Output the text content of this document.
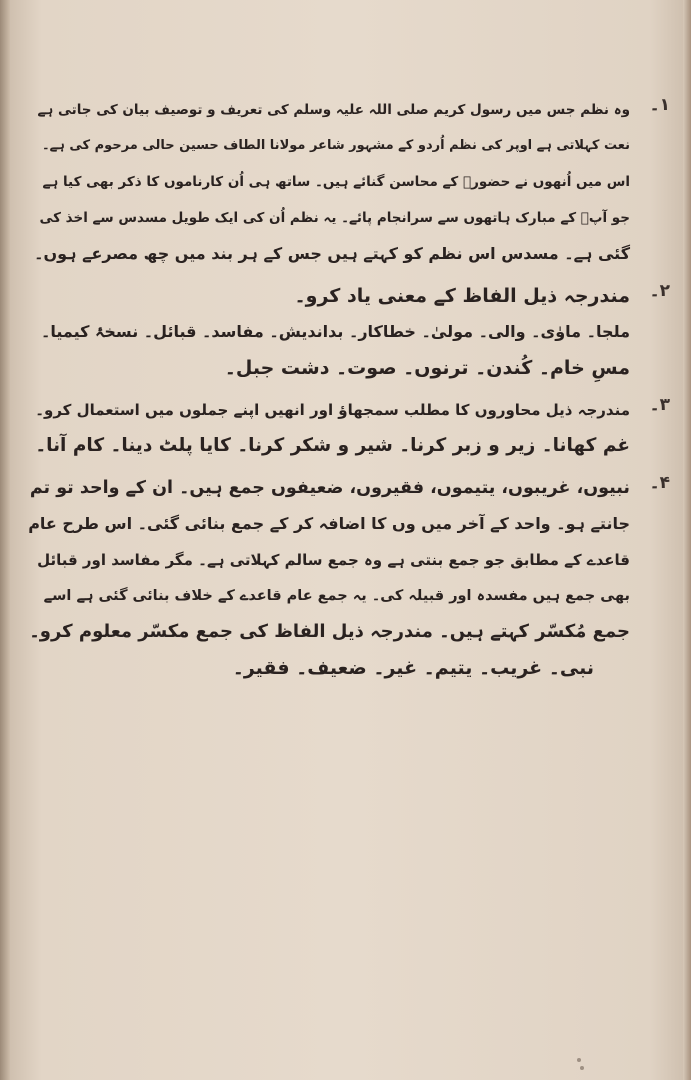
۱۔
وہ نظم جس میں رسول کریم صلی اللہ علیہ وسلم کی تعریف و توصیف بیان کی جاتی ہے
نعت کہلاتی ہے اوپر کی نظم اُردو کے مشہور شاعر مولانا الطاف حسین حالی مرحوم کی ہے۔
اس میں اُنھوں نے حضورؐ کے محاسن گنائے ہیں۔ ساتھ ہی اُن کارناموں کا ذکر بھی کیا ہے
جو آپؐ کے مبارک ہاتھوں سے سرانجام پائے۔ یہ نظم اُن کی ایک طویل مسدس سے اخذ کی
گئی ہے۔ مسدس اس نظم کو کہتے ہیں جس کے ہر بند میں چھ مصرعے ہوں۔
۲۔
مندرجہ ذیل الفاظ کے معنی یاد کرو۔
ملجا۔ ماوٰی۔ والی۔ مولیٰ۔ خطاکار۔ بداندیش۔ مفاسد۔ قبائل۔ نسخۂ کیمیا۔
مسِ خام۔ کُندن۔ ترنوں۔ صوت۔ دشت جبل۔
۳۔
مندرجہ ذیل محاوروں کا مطلب سمجھاؤ اور انھیں اپنے جملوں میں استعمال کرو۔
غم کھانا۔ زیر و زبر کرنا۔ شیر و شکر کرنا۔ کایا پلٹ دینا۔ کام آنا۔
۴۔
نبیوں، غریبوں، یتیموں، فقیروں، ضعیفوں جمع ہیں۔ ان کے واحد تو تم
جانتے ہو۔ واحد کے آخر میں وں کا اضافہ کر کے جمع بنائی گئی۔ اس طرح عام
قاعدے کے مطابق جو جمع بنتی ہے وہ جمع سالم کہلاتی ہے۔ مگر مفاسد اور قبائل
بھی جمع ہیں مفسدہ اور قبیلہ کی۔ یہ جمع عام قاعدے کے خلاف بنائی گئی ہے اسے
جمع مُکسّر کہتے ہیں۔ مندرجہ ذیل الفاظ کی جمع مکسّر معلوم کرو۔
نبی۔ غریب۔ یتیم۔ غیر۔ ضعیف۔ فقیر۔
